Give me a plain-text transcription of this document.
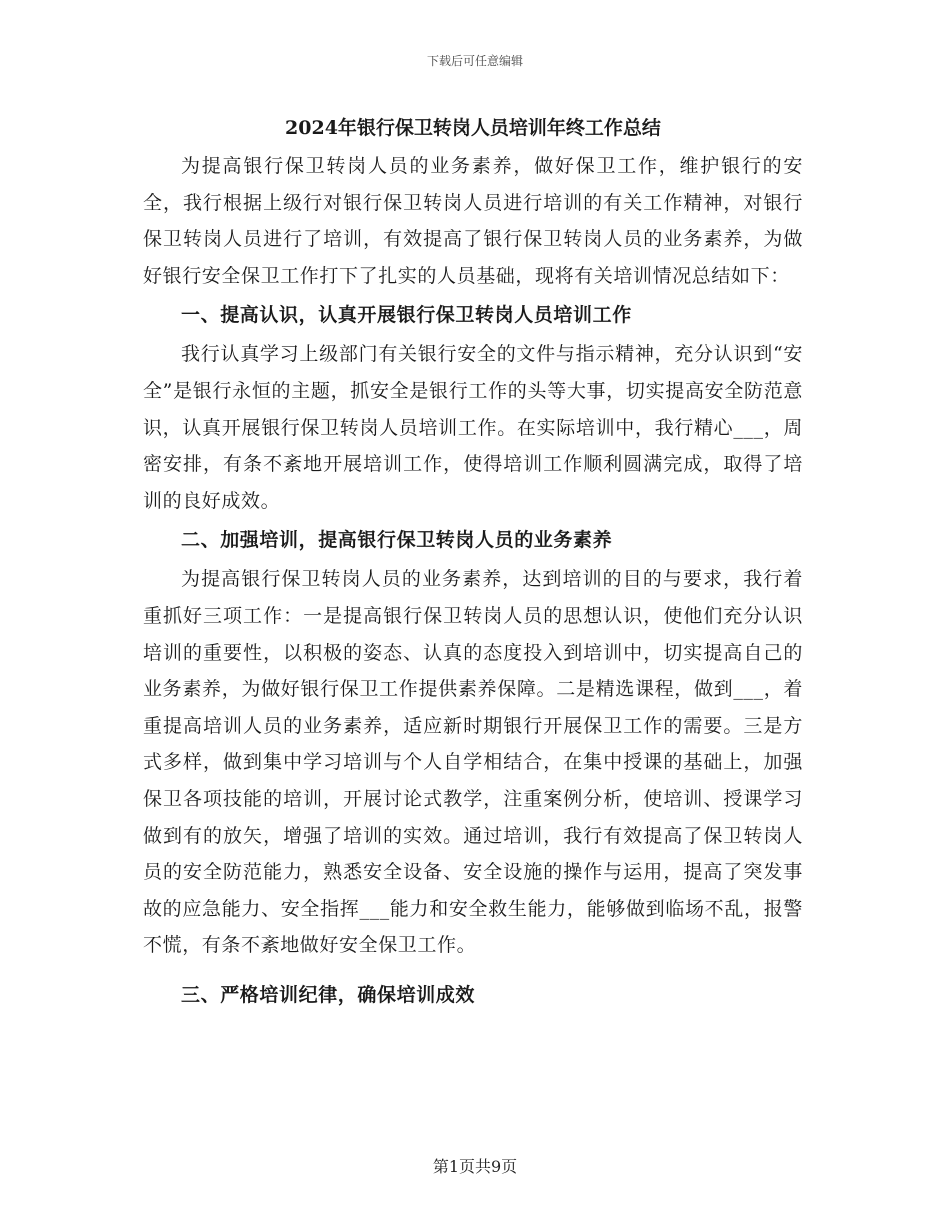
下载后可任意编辑
2024年银行保卫转岗人员培训年终工作总结

为提高银行保卫转岗人员的业务素养，做好保卫工作，维护银行的安全，我行根据上级行对银行保卫转岗人员进行培训的有关工作精神，对银行保卫转岗人员进行了培训，有效提高了银行保卫转岗人员的业务素养，为做好银行安全保卫工作打下了扎实的人员基础，现将有关培训情况总结如下：

一、提高认识，认真开展银行保卫转岗人员培训工作

我行认真学习上级部门有关银行安全的文件与指示精神，充分认识到“安全”是银行永恒的主题，抓安全是银行工作的头等大事，切实提高安全防范意识，认真开展银行保卫转岗人员培训工作。在实际培训中，我行精心___，周密安排，有条不紊地开展培训工作，使得培训工作顺利圆满完成，取得了培训的良好成效。

二、加强培训，提高银行保卫转岗人员的业务素养

为提高银行保卫转岗人员的业务素养，达到培训的目的与要求，我行着重抓好三项工作：一是提高银行保卫转岗人员的思想认识，使他们充分认识培训的重要性，以积极的姿态、认真的态度投入到培训中，切实提高自己的业务素养，为做好银行保卫工作提供素养保障。二是精选课程，做到___，着重提高培训人员的业务素养，适应新时期银行开展保卫工作的需要。三是方式多样，做到集中学习培训与个人自学相结合，在集中授课的基础上，加强保卫各项技能的培训，开展讨论式教学，注重案例分析，使培训、授课学习做到有的放矢，增强了培训的实效。通过培训，我行有效提高了保卫转岗人员的安全防范能力，熟悉安全设备、安全设施的操作与运用，提高了突发事故的应急能力、安全指挥___能力和安全救生能力，能够做到临场不乱，报警不慌，有条不紊地做好安全保卫工作。

三、严格培训纪律，确保培训成效

第1页共9页
